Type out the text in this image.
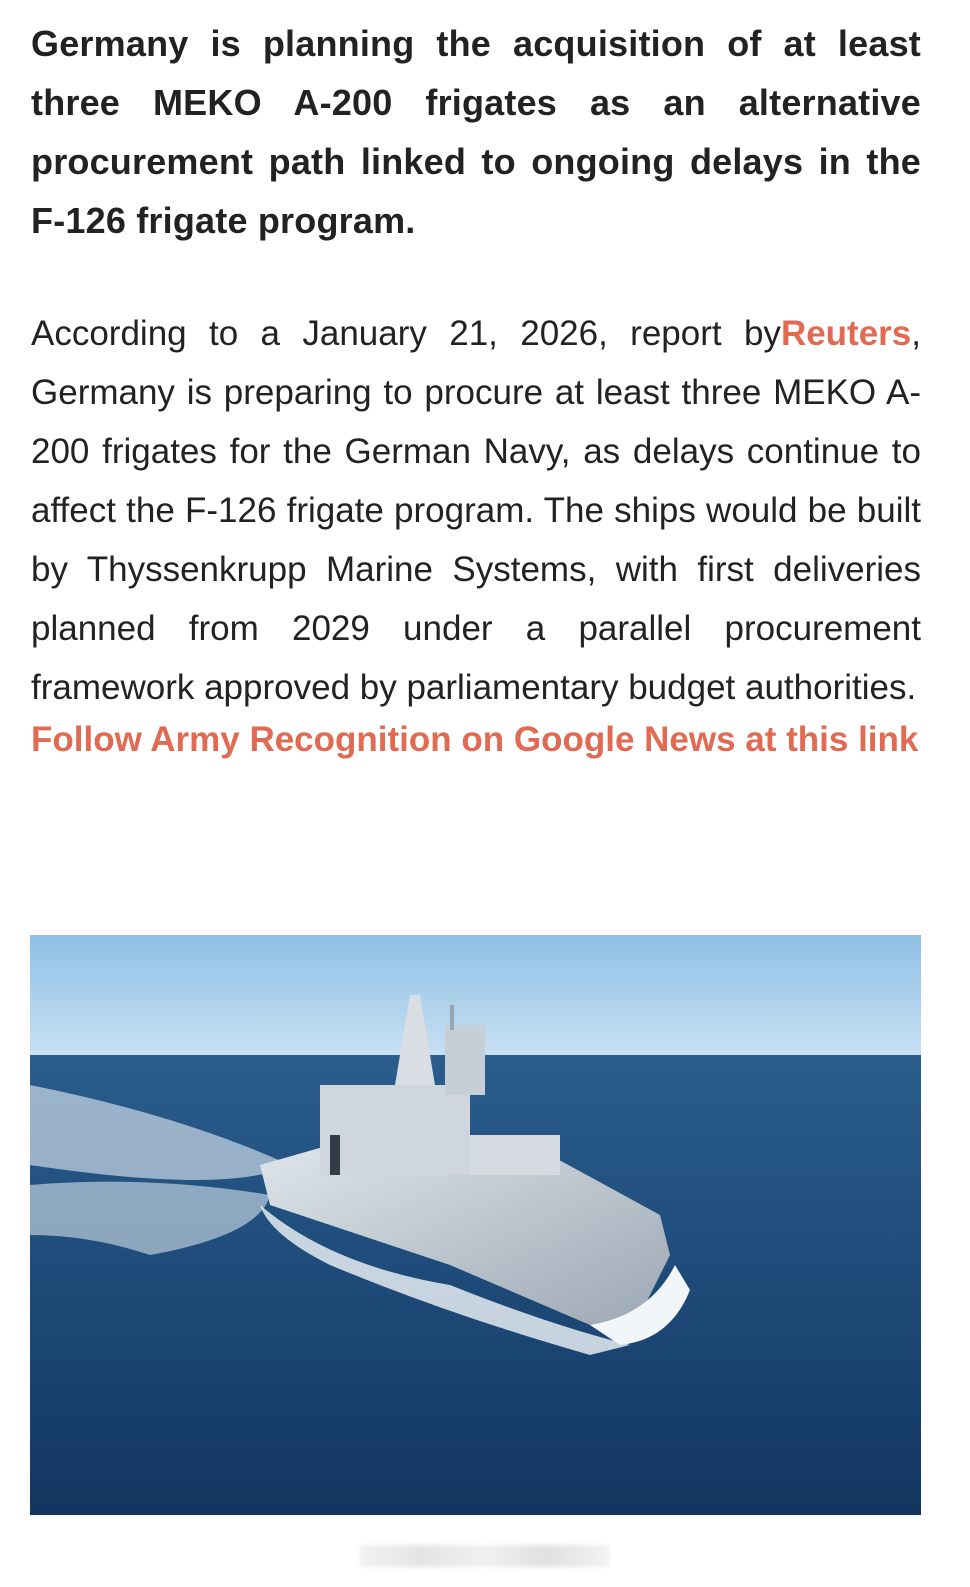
Germany is planning the acquisition of at least three MEKO A-200 frigates as an alternative procurement path linked to ongoing delays in the F-126 frigate program.

According to a January 21, 2026, report byReuters, Germany is preparing to procure at least three MEKO A-200 frigates for the German Navy, as delays continue to affect the F-126 frigate program. The ships would be built by Thyssenkrupp Marine Systems, with first deliveries planned from 2029 under a parallel procurement framework approved by parliamentary budget authorities.

Follow Army Recognition on Google News at this link
